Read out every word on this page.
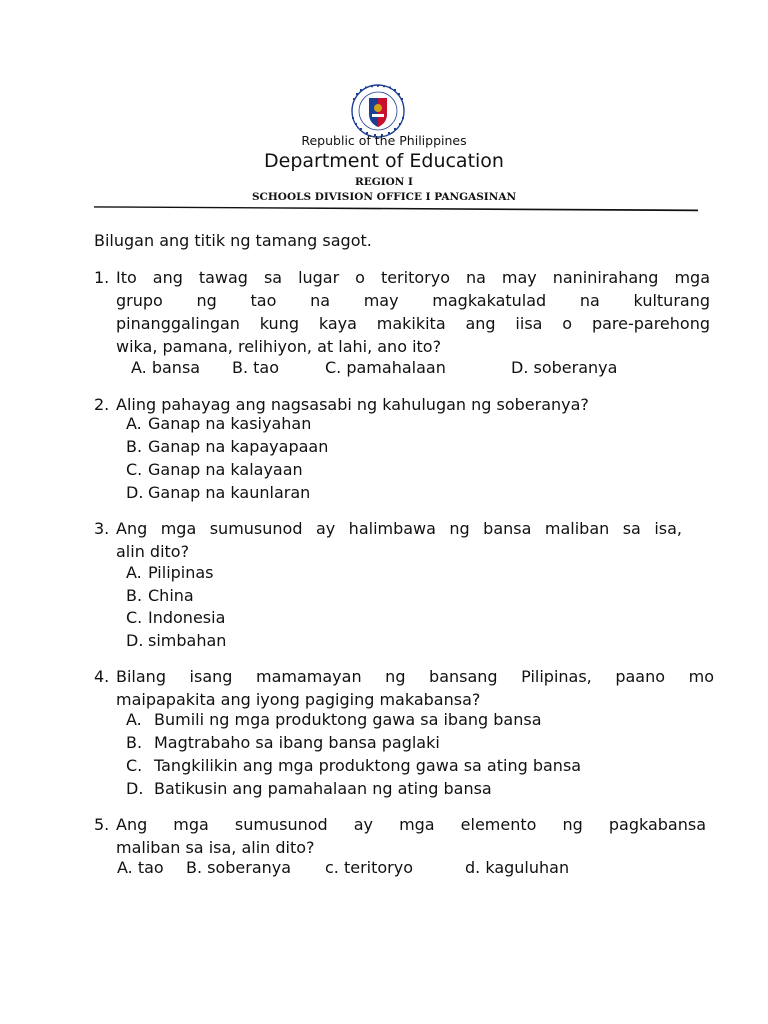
Republic of the Philippines
Department of Education
REGION I
SCHOOLS DIVISION OFFICE I PANGASINAN
Bilugan ang titik ng tamang sagot.
1. Ito ang tawag sa lugar o teritoryo na may naninirahang mga
grupo ng tao na may magkakatulad na kulturang
pinanggalingan kung kaya makikita ang iisa o pare-parehong
wika, pamana, relihiyon, at lahi, ano ito?
A. bansa B. tao	C. pamahalaan	D. soberanya
2. Aling pahayag ang nagsasabi ng kahulugan ng soberanya?
A. Ganap na kasiyahan
B. Ganap na kapayapaan
C. Ganap na kalayaan
D. Ganap na kaunlaran
3. Ang mga sumusunod ay halimbawa ng bansa maliban sa isa,
alin dito?
A. Pilipinas
B. China
C. Indonesia
D. simbahan
4. Bilang isang mamamayan ng bansang Pilipinas, paano mo
maipapakita ang iyong pagiging makabansa?
A. Bumili ng mga produktong gawa sa ibang bansa
B. Magtrabaho sa ibang bansa paglaki
C. Tangkilikin ang mga produktong gawa sa ating bansa
D. Batikusin ang pamahalaan ng ating bansa
5. Ang mga sumusunod ay mga elemento ng pagkabansa
maliban sa isa, alin dito?
A. tao B. soberanya c. teritoryo	d. kaguluhan
